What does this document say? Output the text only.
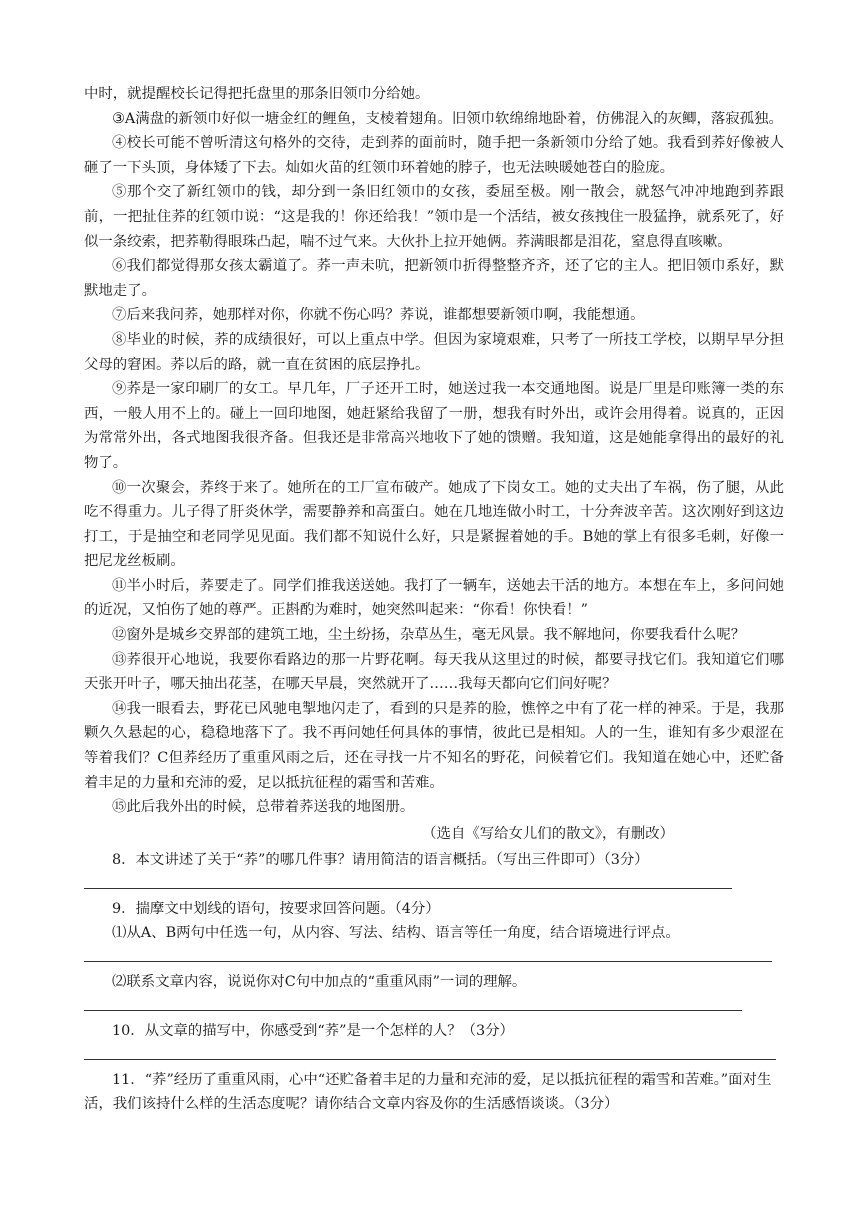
中时，就提醒校长记得把托盘里的那条旧领巾分给她。

③A满盘的新领巾好似一塘金红的鲤鱼，支棱着翅角。旧领巾软绵绵地卧着，仿佛混入的灰鲫，落寂孤独。

④校长可能不曾听清这句格外的交待，走到荞的面前时，随手把一条新领巾分给了她。我看到荞好像被人砸了一下头顶，身体矮了下去。灿如火苗的红领巾环着她的脖子，也无法映暖她苍白的脸庞。

⑤那个交了新红领巾的钱，却分到一条旧红领巾的女孩，委屈至极。刚一散会，就怒气冲冲地跑到荞跟前，一把扯住荞的红领巾说：“这是我的！你还给我！”领巾是一个活结，被女孩拽住一股猛挣，就系死了，好似一条绞索，把荞勒得眼珠凸起，喘不过气来。大伙扑上拉开她俩。荞满眼都是泪花，窒息得直咳嗽。

⑥我们都觉得那女孩太霸道了。荞一声未吭，把新领巾折得整整齐齐，还了它的主人。把旧领巾系好，默默地走了。

⑦后来我问荞，她那样对你，你就不伤心吗？荞说，谁都想要新领巾啊，我能想通。

⑧毕业的时候，荞的成绩很好，可以上重点中学。但因为家境艰难，只考了一所技工学校，以期早早分担父母的窘困。荞以后的路，就一直在贫困的底层挣扎。

⑨荞是一家印刷厂的女工。早几年，厂子还开工时，她送过我一本交通地图。说是厂里是印账簿一类的东西，一般人用不上的。碰上一回印地图，她赶紧给我留了一册，想我有时外出，或许会用得着。说真的，正因为常常外出，各式地图我很齐备。但我还是非常高兴地收下了她的馈赠。我知道，这是她能拿得出的最好的礼物了。

⑩一次聚会，荞终于来了。她所在的工厂宣布破产。她成了下岗女工。她的丈夫出了车祸，伤了腿，从此吃不得重力。儿子得了肝炎休学，需要静养和高蛋白。她在几地连做小时工，十分奔波辛苦。这次刚好到这边打工，于是抽空和老同学见见面。我们都不知说什么好，只是紧握着她的手。B她的掌上有很多毛刺，好像一把尼龙丝板刷。

⑪半小时后，荞要走了。同学们推我送送她。我打了一辆车，送她去干活的地方。本想在车上，多问问她的近况，又怕伤了她的尊严。正斟酌为难时，她突然叫起来：“你看！你快看！”

⑫窗外是城乡交界部的建筑工地，尘土纷扬，杂草丛生，毫无风景。我不解地问，你要我看什么呢？

⑬荞很开心地说，我要你看路边的那一片野花啊。每天我从这里过的时候，都要寻找它们。我知道它们哪天张开叶子，哪天抽出花茎，在哪天早晨，突然就开了……我每天都向它们问好呢？

⑭我一眼看去，野花已风驰电掣地闪走了，看到的只是荞的脸，憔悴之中有了花一样的神采。于是，我那颗久久悬起的心，稳稳地落下了。我不再问她任何具体的事情，彼此已是相知。人的一生，谁知有多少艰涩在等着我们？C但荞经历了重重风雨之后，还在寻找一片不知名的野花，问候着它们。我知道在她心中，还贮备着丰足的力量和充沛的爱，足以抵抗征程的霜雪和苦难。

⑮此后我外出的时候，总带着荞送我的地图册。

（选自《写给女儿们的散文》，有删改）

8．本文讲述了关于“荞”的哪几件事？请用简洁的语言概括。（写出三件即可）（3分）

9．揣摩文中划线的语句，按要求回答问题。（4分）

⑴从A、B两句中任选一句，从内容、写法、结构、语言等任一角度，结合语境进行评点。

⑵联系文章内容，说说你对C句中加点的“重重风雨”一词的理解。

10．从文章的描写中，你感受到“荞”是一个怎样的人？（3分）

11．“荞”经历了重重风雨，心中“还贮备着丰足的力量和充沛的爱，足以抵抗征程的霜雪和苦难。”面对生活，我们该持什么样的生活态度呢？请你结合文章内容及你的生活感悟谈谈。（3分）
